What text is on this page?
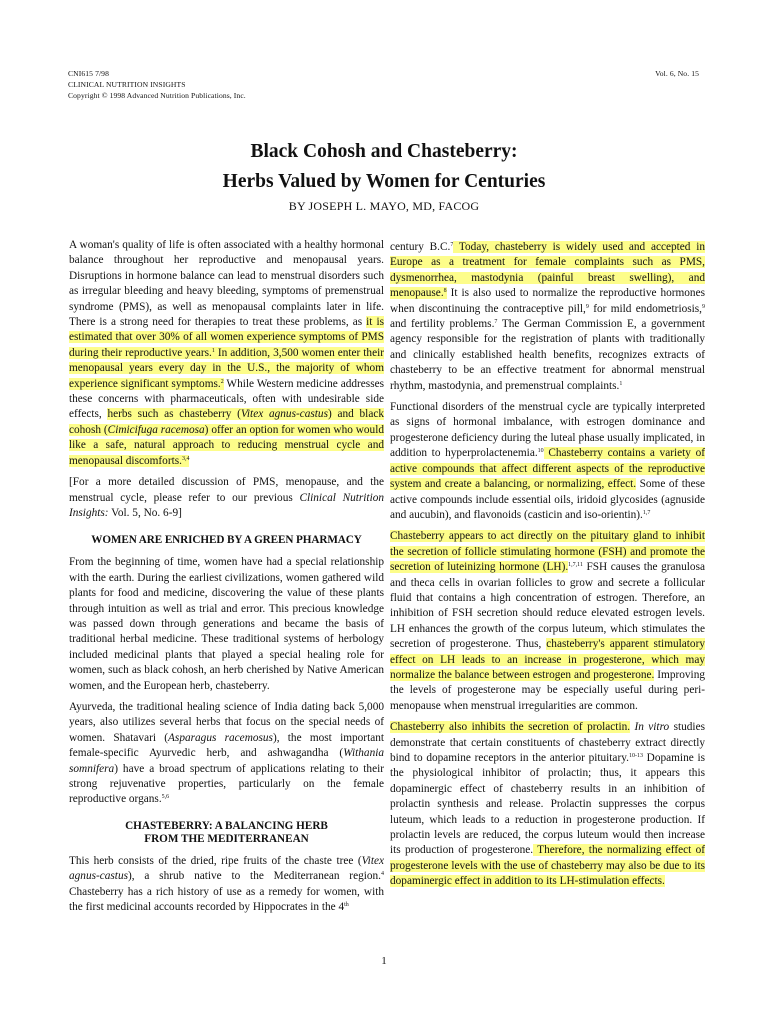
CNI615 7/98
CLINICAL NUTRITION INSIGHTS
Copyright © 1998 Advanced Nutrition Publications, Inc.
Vol. 6, No. 15
Black Cohosh and Chasteberry:
Herbs Valued by Women for Centuries
BY JOSEPH L. MAYO, MD, FACOG

A woman's quality of life is often associated with a healthy hormonal balance throughout her reproductive and menopausal years. Disruptions in hormone balance can lead to menstrual disorders such as irregular bleeding and heavy bleeding, symptoms of premenstrual syndrome (PMS), as well as menopausal complaints later in life. There is a strong need for therapies to treat these problems, as it is estimated that over 30% of all women experience symptoms of PMS during their reproductive years.$^1$ In addition, 3,500 women enter their menopausal years every day in the U.S., the majority of whom experience significant symptoms.$^2$ While Western medicine addresses these concerns with pharmaceuticals, often with undesirable side effects, herbs such as chasteberry (Vitex agnus-castus) and black cohosh (Cimicifuga racemosa) offer an option for women who would like a safe, natural approach to reducing menstrual cycle and menopausal discomforts.$^{3,4}$

[For a more detailed discussion of PMS, menopause, and the menstrual cycle, please refer to our previous Clinical Nutrition Insights: Vol. 5, No. 6-9]

WOMEN ARE ENRICHED BY A GREEN PHARMACY

From the beginning of time, women have had a special relationship with the earth. During the earliest civilizations, women gathered wild plants for food and medicine, discovering the value of these plants through intuition as well as trial and error. This precious knowledge was passed down through generations and became the basis of traditional herbal medicine. These traditional systems of herbology included medicinal plants that played a special healing role for women, such as black cohosh, an herb cherished by Native American women, and the European herb, chasteberry.

Ayurveda, the traditional healing science of India dating back 5,000 years, also utilizes several herbs that focus on the special needs of women. Shatavari (Asparagus racemosus), the most important female-specific Ayurvedic herb, and ashwagandha (Withania somnifera) have a broad spectrum of applications relating to their strong rejuvenative properties, particularly on the female reproductive organs.$^{5,6}$

CHASTEBERRY: A BALANCING HERB
FROM THE MEDITERRANEAN

This herb consists of the dried, ripe fruits of the chaste tree (Vitex agnus-castus), a shrub native to the Mediterranean region.$^4$ Chasteberry has a rich history of use as a remedy for women, with the first medicinal accounts recorded by Hippocrates in the 4th

century B.C.$^7$ Today, chasteberry is widely used and accepted in Europe as a treatment for female complaints such as PMS, dysmenorrhea, mastodynia (painful breast swelling), and menopause.$^8$ It is also used to normalize the reproductive hormones when discontinuing the contraceptive pill,$^9$ for mild endometriosis,$^9$ and fertility problems.$^7$ The German Commission E, a government agency responsible for the registration of plants with traditionally and clinically established health benefits, recognizes extracts of chasteberry to be an effective treatment for abnormal menstrual rhythm, mastodynia, and premenstrual complaints.$^1$

Functional disorders of the menstrual cycle are typically interpreted as signs of hormonal imbalance, with estrogen dominance and progesterone deficiency during the luteal phase usually implicated, in addition to hyperprolactenemia.$^{10}$ Chasteberry contains a variety of active compounds that affect different aspects of the reproductive system and create a balancing, or normalizing, effect. Some of these active compounds include essential oils, iridoid glycosides (agnuside and aucubin), and flavonoids (casticin and iso-orientin).$^{1,7}$

Chasteberry appears to act directly on the pituitary gland to inhibit the secretion of follicle stimulating hormone (FSH) and promote the secretion of luteinizing hormone (LH).$^{1,7,11}$ FSH causes the granulosa and theca cells in ovarian follicles to grow and secrete a follicular fluid that contains a high concentration of estrogen. Therefore, an inhibition of FSH secretion should reduce elevated estrogen levels. LH enhances the growth of the corpus luteum, which stimulates the secretion of progesterone. Thus, chasteberry's apparent stimulatory effect on LH leads to an increase in progesterone, which may normalize the balance between estrogen and progesterone. Improving the levels of progesterone may be especially useful during peri-menopause when menstrual irregularities are common.

Chasteberry also inhibits the secretion of prolactin. In vitro studies demonstrate that certain constituents of chasteberry extract directly bind to dopamine receptors in the anterior pituitary.$^{10-13}$ Dopamine is the physiological inhibitor of prolactin; thus, it appears this dopaminergic effect of chasteberry results in an inhibition of prolactin synthesis and release. Prolactin suppresses the corpus luteum, which leads to a reduction in progesterone production. If prolactin levels are reduced, the corpus luteum would then increase its production of progesterone. Therefore, the normalizing effect of progesterone levels with the use of chasteberry may also be due to its dopaminergic effect in addition to its LH-stimulation effects.

1
